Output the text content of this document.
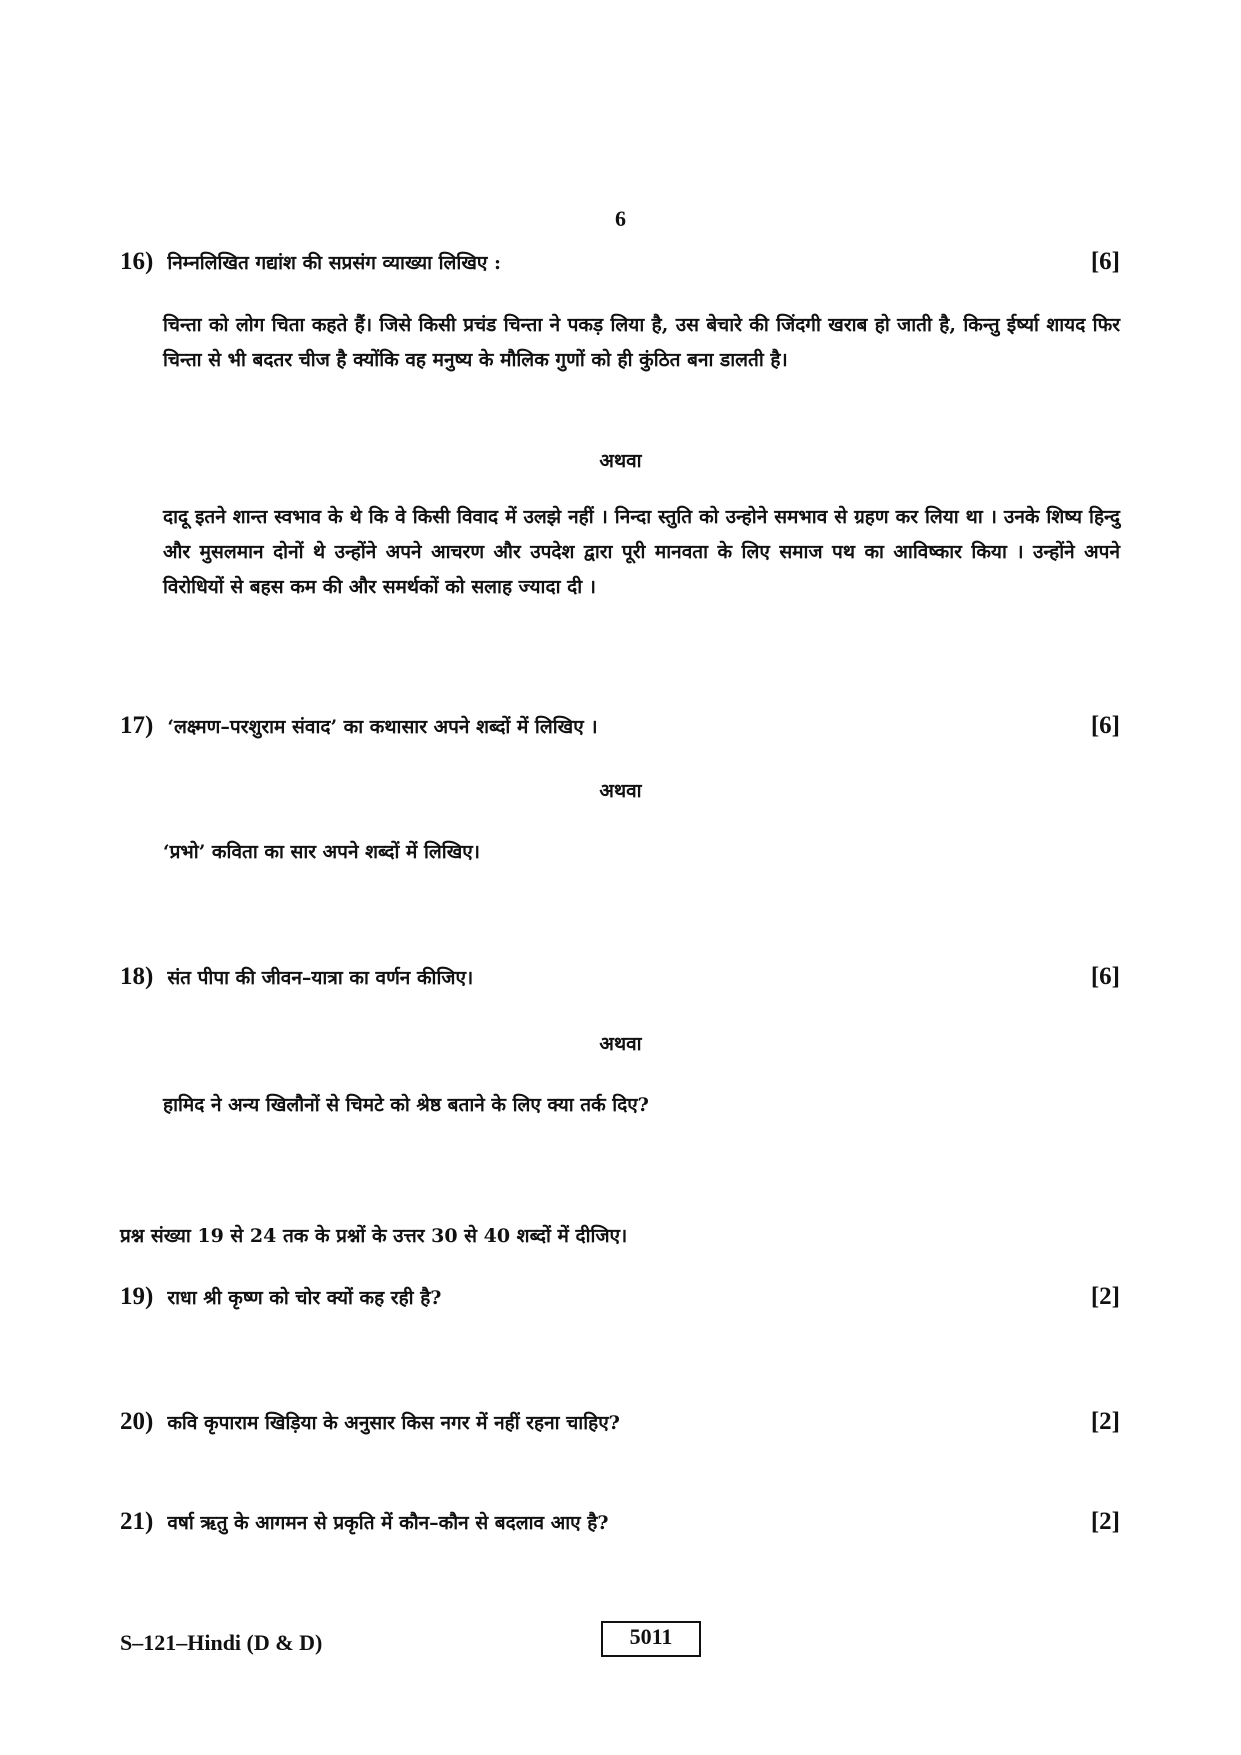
6
16) निम्नलिखित गद्यांश की सप्रसंग व्याख्या लिखिए :	[6]
चिन्ता को लोग चिता कहते हैं। जिसे किसी प्रचंड चिन्ता ने पकड़ लिया है, उस बेचारे की जिंदगी खराब हो जाती है, किन्तु ईर्ष्या शायद फिर चिन्ता से भी बदतर चीज है क्योंकि वह मनुष्य के मौलिक गुणों को ही कुंठित बना डालती है।
अथवा
दादू इतने शान्त स्वभाव के थे कि वे किसी विवाद में उलझे नहीं । निन्दा स्तुति को उन्होने समभाव से ग्रहण कर लिया था । उनके शिष्य हिन्दु और मुसलमान दोनों थे उन्होंने अपने आचरण और उपदेश द्वारा पूरी मानवता के लिए समाज पथ का आविष्कार किया । उन्होंने अपने विरोधियों से बहस कम की और समर्थकों को सलाह ज्यादा दी ।
17) ‘लक्ष्मण–परशुराम संवाद’ का कथासार अपने शब्दों में लिखिए ।	[6]
अथवा
‘प्रभो’ कविता का सार अपने शब्दों में लिखिए।
18) संत पीपा की जीवन–यात्रा का वर्णन कीजिए।	[6]
अथवा
हामिद ने अन्य खिलौनों से चिमटे को श्रेष्ठ बताने के लिए क्या तर्क दिए?
प्रश्न संख्या 19 से 24 तक के प्रश्नों के उत्तर 30 से 40 शब्दों में दीजिए।
19) राधा श्री कृष्ण को चोर क्यों कह रही है?	[2]
20) कवि कृपाराम खिड़िया के अनुसार किस नगर में नहीं रहना चाहिए?	[2]
21) वर्षा ऋतु के आगमन से प्रकृति में कौन–कौन से बदलाव आए है?	[2]
S–121–Hindi (D & D)	5011
